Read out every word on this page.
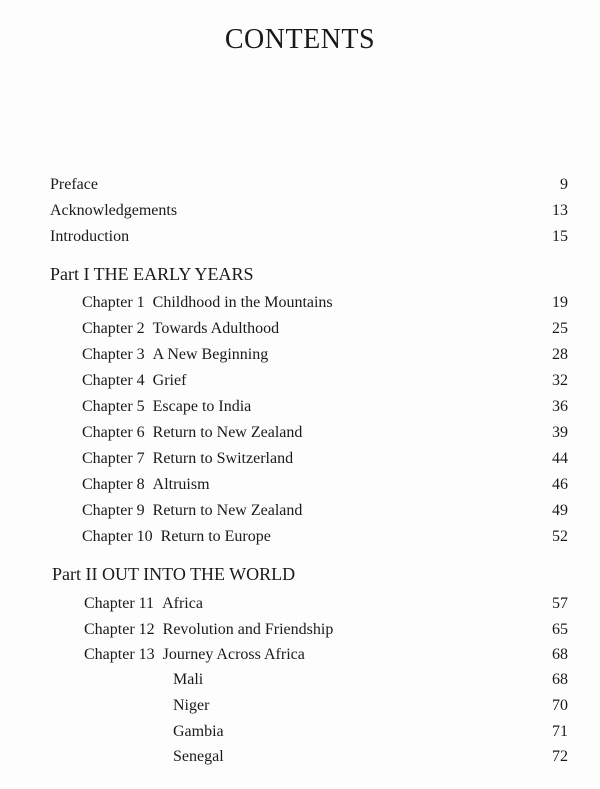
CONTENTS
Preface	9
Acknowledgements	13
Introduction	15
Part I THE EARLY YEARS
Chapter 1 Childhood in the Mountains	19
Chapter 2 Towards Adulthood	25
Chapter 3 A New Beginning	28
Chapter 4 Grief	32
Chapter 5 Escape to India	36
Chapter 6 Return to New Zealand	39
Chapter 7 Return to Switzerland	44
Chapter 8 Altruism	46
Chapter 9 Return to New Zealand	49
Chapter 10 Return to Europe	52
Part II OUT INTO THE WORLD
Chapter 11 Africa	57
Chapter 12 Revolution and Friendship	65
Chapter 13 Journey Across Africa	68
Mali	68
Niger	70
Gambia	71
Senegal	72
